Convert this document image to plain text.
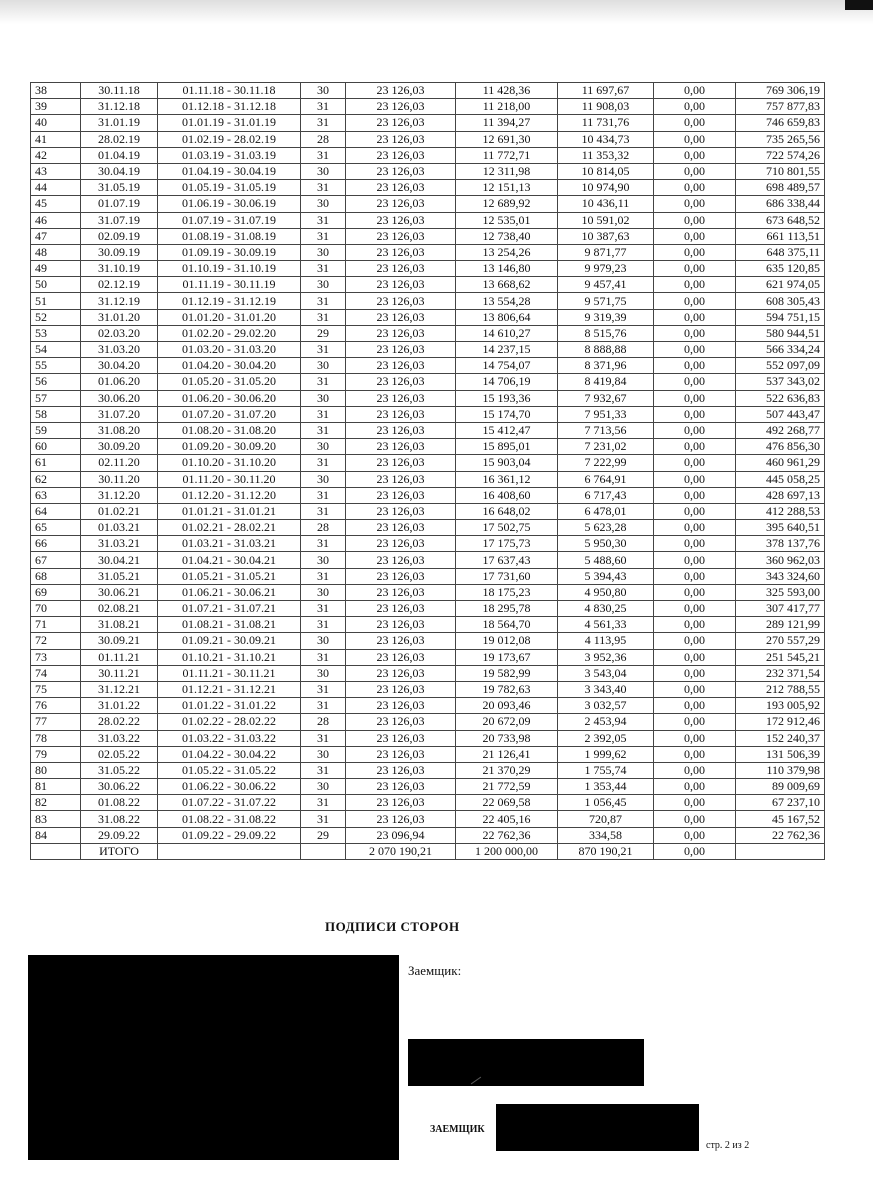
38	30.11.18	01.11.18 - 30.11.18	30	23 126,03	11 428,36	11 697,67	0,00	769 306,19
39	31.12.18	01.12.18 - 31.12.18	31	23 126,03	11 218,00	11 908,03	0,00	757 877,83
40	31.01.19	01.01.19 - 31.01.19	31	23 126,03	11 394,27	11 731,76	0,00	746 659,83
41	28.02.19	01.02.19 - 28.02.19	28	23 126,03	12 691,30	10 434,73	0,00	735 265,56
42	01.04.19	01.03.19 - 31.03.19	31	23 126,03	11 772,71	11 353,32	0,00	722 574,26
43	30.04.19	01.04.19 - 30.04.19	30	23 126,03	12 311,98	10 814,05	0,00	710 801,55
44	31.05.19	01.05.19 - 31.05.19	31	23 126,03	12 151,13	10 974,90	0,00	698 489,57
45	01.07.19	01.06.19 - 30.06.19	30	23 126,03	12 689,92	10 436,11	0,00	686 338,44
46	31.07.19	01.07.19 - 31.07.19	31	23 126,03	12 535,01	10 591,02	0,00	673 648,52
47	02.09.19	01.08.19 - 31.08.19	31	23 126,03	12 738,40	10 387,63	0,00	661 113,51
48	30.09.19	01.09.19 - 30.09.19	30	23 126,03	13 254,26	9 871,77	0,00	648 375,11
49	31.10.19	01.10.19 - 31.10.19	31	23 126,03	13 146,80	9 979,23	0,00	635 120,85
50	02.12.19	01.11.19 - 30.11.19	30	23 126,03	13 668,62	9 457,41	0,00	621 974,05
51	31.12.19	01.12.19 - 31.12.19	31	23 126,03	13 554,28	9 571,75	0,00	608 305,43
52	31.01.20	01.01.20 - 31.01.20	31	23 126,03	13 806,64	9 319,39	0,00	594 751,15
53	02.03.20	01.02.20 - 29.02.20	29	23 126,03	14 610,27	8 515,76	0,00	580 944,51
54	31.03.20	01.03.20 - 31.03.20	31	23 126,03	14 237,15	8 888,88	0,00	566 334,24
55	30.04.20	01.04.20 - 30.04.20	30	23 126,03	14 754,07	8 371,96	0,00	552 097,09
56	01.06.20	01.05.20 - 31.05.20	31	23 126,03	14 706,19	8 419,84	0,00	537 343,02
57	30.06.20	01.06.20 - 30.06.20	30	23 126,03	15 193,36	7 932,67	0,00	522 636,83
58	31.07.20	01.07.20 - 31.07.20	31	23 126,03	15 174,70	7 951,33	0,00	507 443,47
59	31.08.20	01.08.20 - 31.08.20	31	23 126,03	15 412,47	7 713,56	0,00	492 268,77
60	30.09.20	01.09.20 - 30.09.20	30	23 126,03	15 895,01	7 231,02	0,00	476 856,30
61	02.11.20	01.10.20 - 31.10.20	31	23 126,03	15 903,04	7 222,99	0,00	460 961,29
62	30.11.20	01.11.20 - 30.11.20	30	23 126,03	16 361,12	6 764,91	0,00	445 058,25
63	31.12.20	01.12.20 - 31.12.20	31	23 126,03	16 408,60	6 717,43	0,00	428 697,13
64	01.02.21	01.01.21 - 31.01.21	31	23 126,03	16 648,02	6 478,01	0,00	412 288,53
65	01.03.21	01.02.21 - 28.02.21	28	23 126,03	17 502,75	5 623,28	0,00	395 640,51
66	31.03.21	01.03.21 - 31.03.21	31	23 126,03	17 175,73	5 950,30	0,00	378 137,76
67	30.04.21	01.04.21 - 30.04.21	30	23 126,03	17 637,43	5 488,60	0,00	360 962,03
68	31.05.21	01.05.21 - 31.05.21	31	23 126,03	17 731,60	5 394,43	0,00	343 324,60
69	30.06.21	01.06.21 - 30.06.21	30	23 126,03	18 175,23	4 950,80	0,00	325 593,00
70	02.08.21	01.07.21 - 31.07.21	31	23 126,03	18 295,78	4 830,25	0,00	307 417,77
71	31.08.21	01.08.21 - 31.08.21	31	23 126,03	18 564,70	4 561,33	0,00	289 121,99
72	30.09.21	01.09.21 - 30.09.21	30	23 126,03	19 012,08	4 113,95	0,00	270 557,29
73	01.11.21	01.10.21 - 31.10.21	31	23 126,03	19 173,67	3 952,36	0,00	251 545,21
74	30.11.21	01.11.21 - 30.11.21	30	23 126,03	19 582,99	3 543,04	0,00	232 371,54
75	31.12.21	01.12.21 - 31.12.21	31	23 126,03	19 782,63	3 343,40	0,00	212 788,55
76	31.01.22	01.01.22 - 31.01.22	31	23 126,03	20 093,46	3 032,57	0,00	193 005,92
77	28.02.22	01.02.22 - 28.02.22	28	23 126,03	20 672,09	2 453,94	0,00	172 912,46
78	31.03.22	01.03.22 - 31.03.22	31	23 126,03	20 733,98	2 392,05	0,00	152 240,37
79	02.05.22	01.04.22 - 30.04.22	30	23 126,03	21 126,41	1 999,62	0,00	131 506,39
80	31.05.22	01.05.22 - 31.05.22	31	23 126,03	21 370,29	1 755,74	0,00	110 379,98
81	30.06.22	01.06.22 - 30.06.22	30	23 126,03	21 772,59	1 353,44	0,00	89 009,69
82	01.08.22	01.07.22 - 31.07.22	31	23 126,03	22 069,58	1 056,45	0,00	67 237,10
83	31.08.22	01.08.22 - 31.08.22	31	23 126,03	22 405,16	720,87	0,00	45 167,52
84	29.09.22	01.09.22 - 29.09.22	29	23 096,94	22 762,36	334,58	0,00	22 762,36
	ИТОГО			2 070 190,21	1 200 000,00	870 190,21	0,00	
ПОДПИСИ СТОРОН
Заемщик:
ЗАЕМЩИК
стр. 2 из 2
